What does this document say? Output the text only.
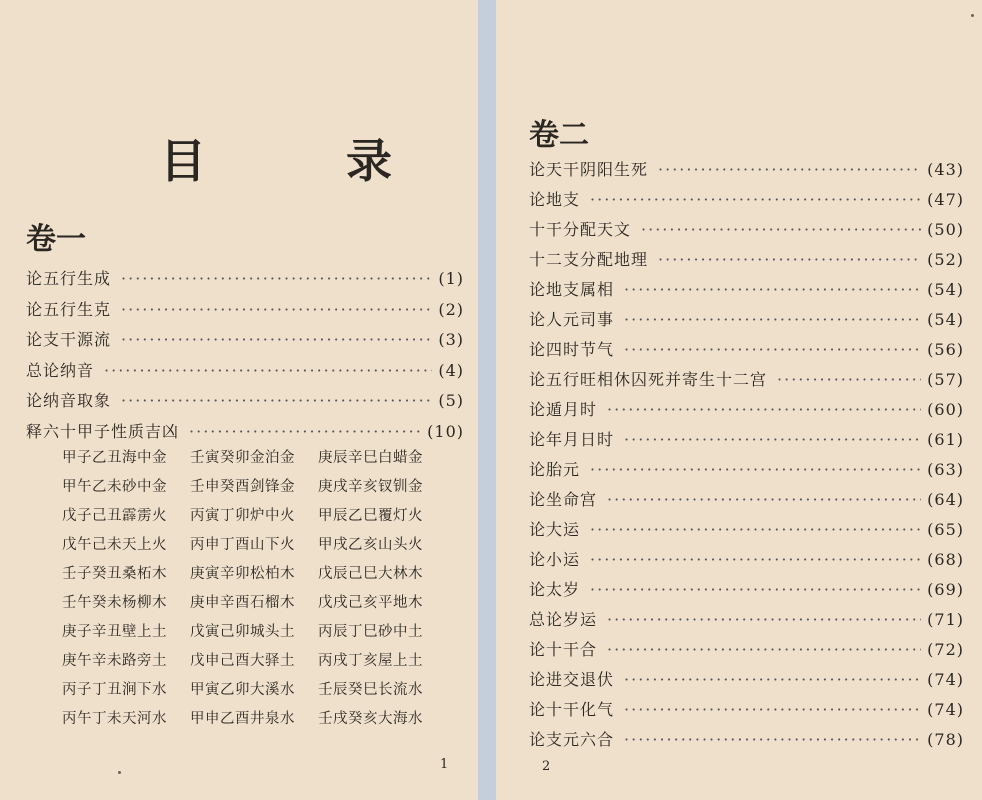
目 录
卷一
论五行生成 ·····	(1)
论五行生克 ·····	(2)
论支干源流 ·····	(3)
总论纳音 ·····	(4)
论纳音取象 ·····	(5)
释六十甲子性质吉凶 ·····	(10)
甲子乙丑海中金	壬寅癸卯金泊金	庚辰辛巳白蜡金
甲午乙未砂中金	壬申癸酉剑锋金	庚戌辛亥钗钏金
戊子己丑霹雳火	丙寅丁卯炉中火	甲辰乙巳覆灯火
戊午己未天上火	丙申丁酉山下火	甲戌乙亥山头火
壬子癸丑桑柘木	庚寅辛卯松柏木	戊辰己巳大林木
壬午癸未杨柳木	庚申辛酉石榴木	戊戌己亥平地木
庚子辛丑壁上土	戊寅己卯城头土	丙辰丁巳砂中土
庚午辛未路旁土	戊申己酉大驿土	丙戌丁亥屋上土
丙子丁丑涧下水	甲寅乙卯大溪水	壬辰癸巳长流水
丙午丁未天河水	甲申乙酉井泉水	壬戌癸亥大海水
1
卷二
论天干阴阳生死 ·····	(43)
论地支 ·····	(47)
十干分配天文 ·····	(50)
十二支分配地理 ·····	(52)
论地支属相 ·····	(54)
论人元司事 ·····	(54)
论四时节气 ·····	(56)
论五行旺相休囚死并寄生十二宫 ·····	(57)
论遁月时 ·····	(60)
论年月日时 ·····	(61)
论胎元 ·····	(63)
论坐命宫 ·····	(64)
论大运 ·····	(65)
论小运 ·····	(68)
论太岁 ·····	(69)
总论岁运 ·····	(71)
论十干合 ·····	(72)
论进交退伏 ·····	(74)
论十干化气 ·····	(74)
论支元六合 ·····	(78)
2
